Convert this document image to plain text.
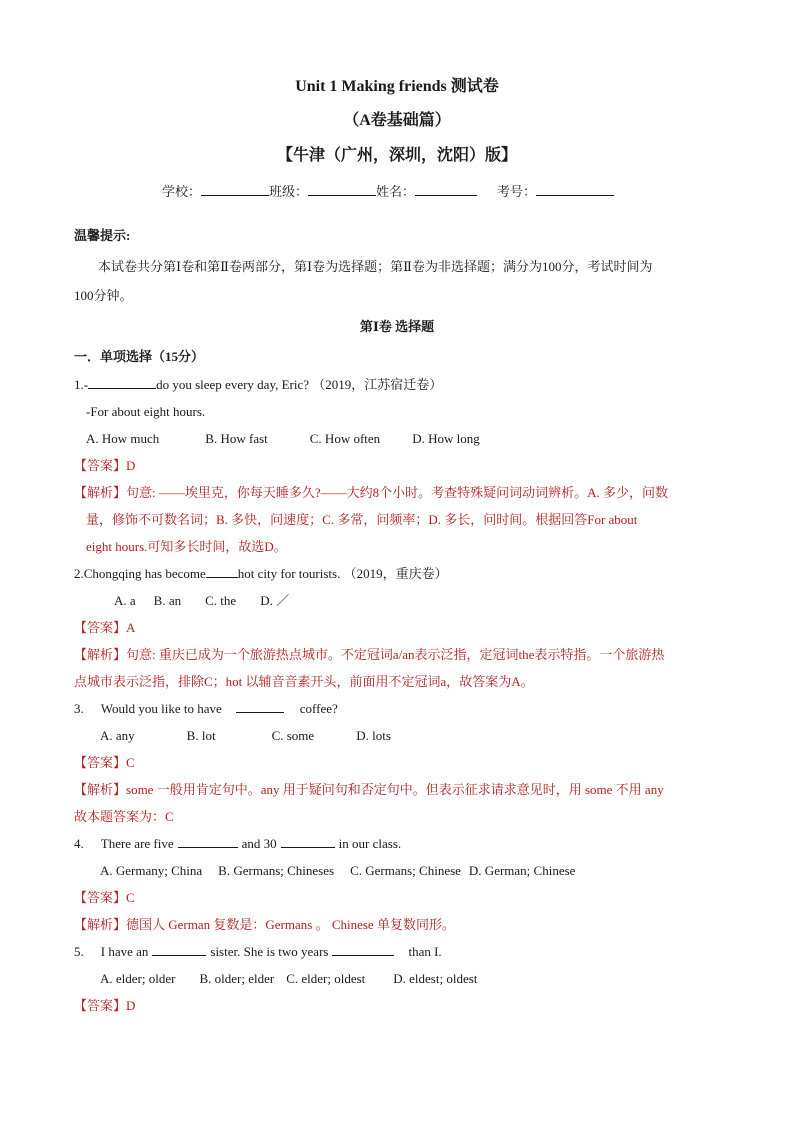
Unit 1 Making friends 测试卷
（A卷基础篇）
【牛津（广州，深圳，沈阳）版】
学校：	班级：	姓名：	考号：
温馨提示:
本试卷共分第Ⅰ卷和第Ⅱ卷两部分，第Ⅰ卷为选择题；第Ⅱ卷为非选择题；满分为100分，考试时间为
100分钟。
第Ⅰ卷 选择题
一．单项选择（15分）
1.-	do you sleep every day, Eric? （2019，江苏宿迁卷）
-For about eight hours.
A. How much	B. How fast	C. How often D. How long
【答案】D
【解析】句意: ——埃里克，你每天睡多久?——大约8个小时。考查特殊疑问词动词辨析。A. 多少，问数
量，修饰不可数名词；B. 多快，问速度；C. 多常，问频率；D. 多长，问时间。根据回答For about
eight hours.可知多长时间，故选D。
2.Chongqing has become hot city for tourists. （2019，重庆卷）
A. a B. an C. the D. ／
【答案】A
【解析】句意: 重庆已成为一个旅游热点城市。不定冠词a/an表示泛指，定冠词the表示特指。一个旅游热
点城市表示泛指，排除C；hot 以辅音音素开头，前面用不定冠词a，故答案为A。
3. Would you like to have	coffee?
A. any	B. lot	C. some	D. lots
【答案】C
【解析】some 一般用肯定句中。any 用于疑问句和否定句中。但表示征求请求意见时，用 some 不用 any
故本题答案为：C
4. There are five	and 30	in our class.
A. Germany; China B. Germans; Chineses C. Germans; Chinese D. German; Chinese
【答案】C
【解析】德国人 German 复数是：Germans 。 Chinese 单复数同形。
5. I have an	sister. She is two years	than I.
A. elder; older B. older; elder C. elder; oldest D. eldest; oldest
【答案】D
